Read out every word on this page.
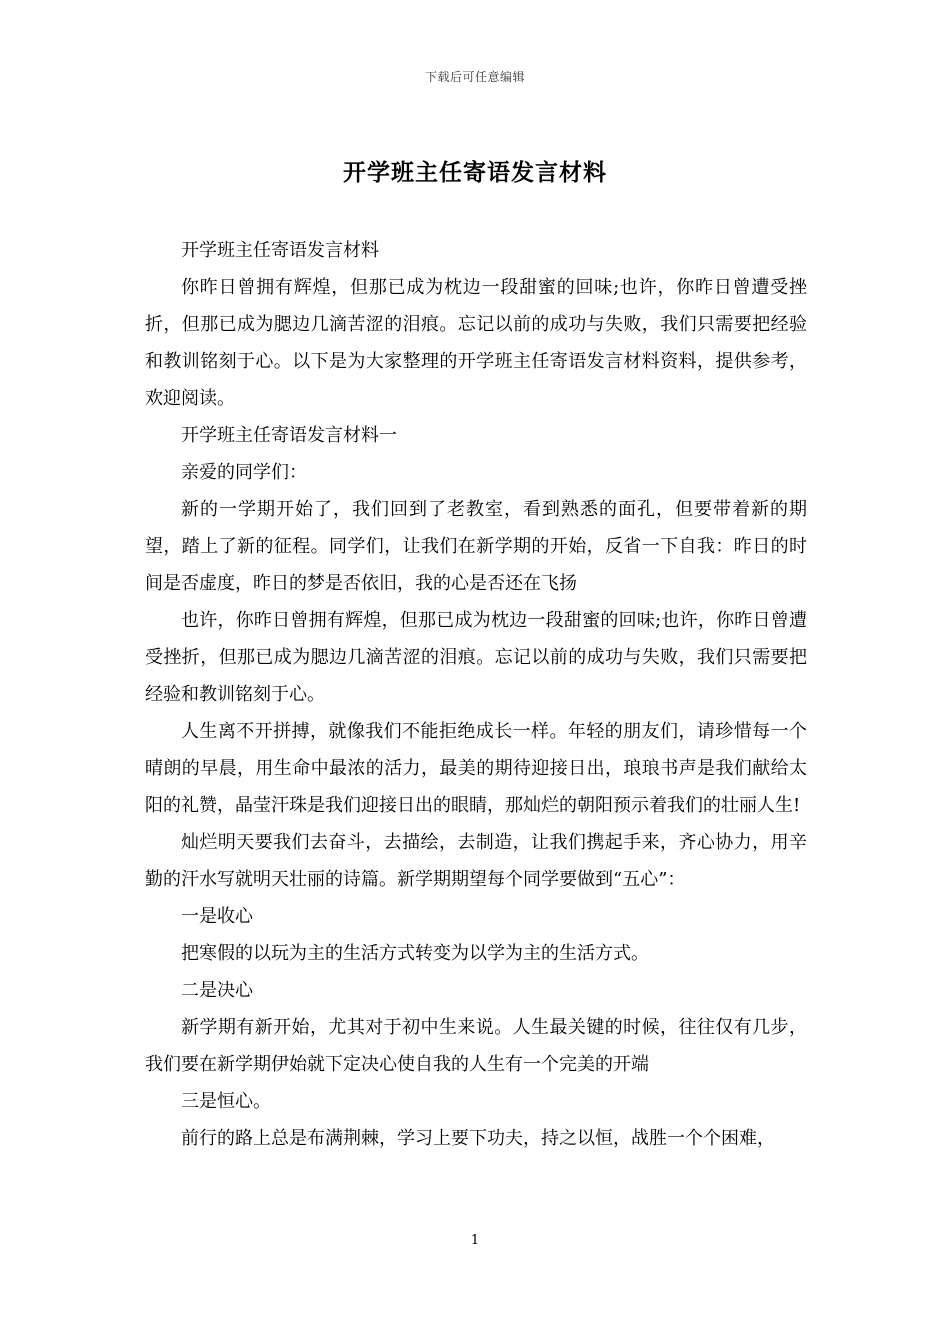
下载后可任意编辑
开学班主任寄语发言材料

开学班主任寄语发言材料

你昨日曾拥有辉煌，但那已成为枕边一段甜蜜的回味;也许，你昨日曾遭受挫折，但那已成为腮边几滴苦涩的泪痕。忘记以前的成功与失败，我们只需要把经验和教训铭刻于心。以下是为大家整理的开学班主任寄语发言材料资料，提供参考，欢迎阅读。

开学班主任寄语发言材料一

亲爱的同学们：

新的一学期开始了，我们回到了老教室，看到熟悉的面孔，但要带着新的期望，踏上了新的征程。同学们，让我们在新学期的开始，反省一下自我：昨日的时间是否虚度，昨日的梦是否依旧，我的心是否还在飞扬

也许，你昨日曾拥有辉煌，但那已成为枕边一段甜蜜的回味;也许，你昨日曾遭受挫折，但那已成为腮边几滴苦涩的泪痕。忘记以前的成功与失败，我们只需要把经验和教训铭刻于心。

人生离不开拼搏，就像我们不能拒绝成长一样。年轻的朋友们，请珍惜每一个晴朗的早晨，用生命中最浓的活力，最美的期待迎接日出，琅琅书声是我们献给太阳的礼赞，晶莹汗珠是我们迎接日出的眼睛，那灿烂的朝阳预示着我们的壮丽人生!

灿烂明天要我们去奋斗，去描绘，去制造，让我们携起手来，齐心协力，用辛勤的汗水写就明天壮丽的诗篇。新学期期望每个同学要做到“五心”：

一是收心

把寒假的以玩为主的生活方式转变为以学为主的生活方式。

二是决心

新学期有新开始，尤其对于初中生来说。人生最关键的时候，往往仅有几步，我们要在新学期伊始就下定决心使自我的人生有一个完美的开端

三是恒心。

前行的路上总是布满荆棘，学习上要下功夫，持之以恒，战胜一个个困难，

1
